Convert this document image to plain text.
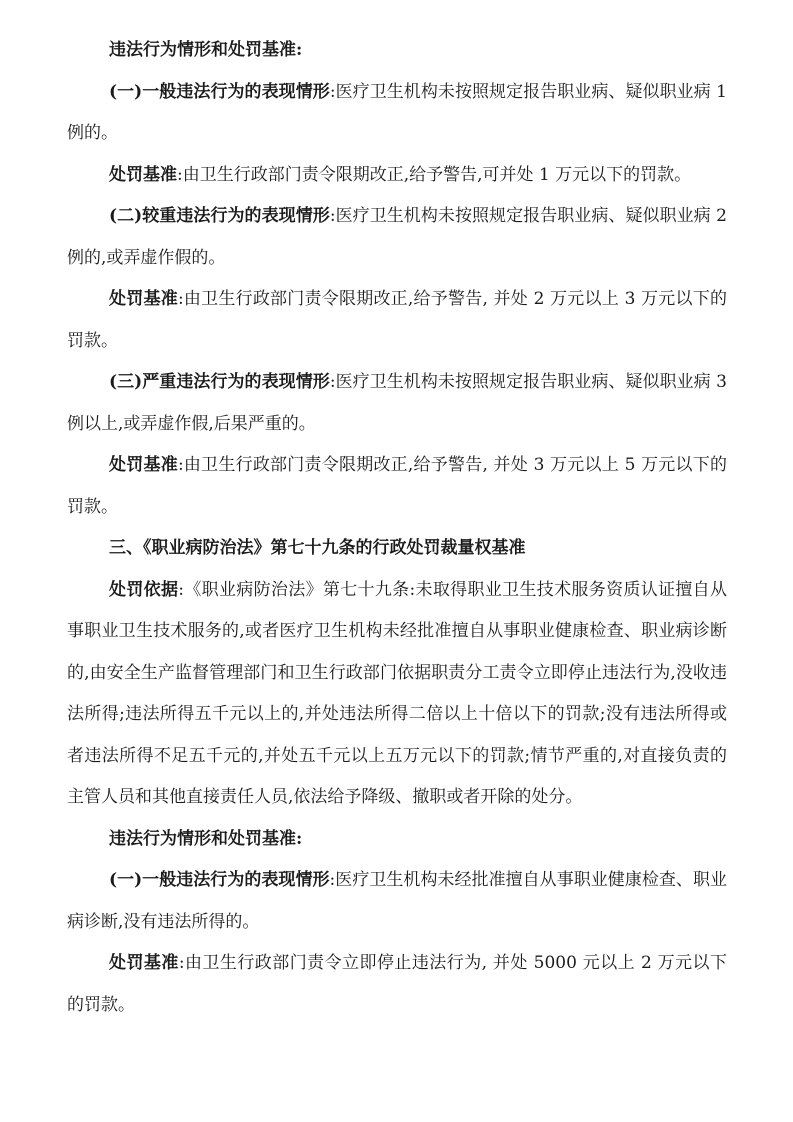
违法行为情形和处罚基准:

(一)一般违法行为的表现情形:医疗卫生机构未按照规定报告职业病、疑似职业病 1 例的。

处罚基准:由卫生行政部门责令限期改正,给予警告,可并处 1 万元以下的罚款。

(二)较重违法行为的表现情形:医疗卫生机构未按照规定报告职业病、疑似职业病 2 例的,或弄虚作假的。

处罚基准:由卫生行政部门责令限期改正,给予警告, 并处 2 万元以上 3 万元以下的罚款。

(三)严重违法行为的表现情形:医疗卫生机构未按照规定报告职业病、疑似职业病 3 例以上,或弄虚作假,后果严重的。

处罚基准:由卫生行政部门责令限期改正,给予警告, 并处 3 万元以上 5 万元以下的罚款。

三、《职业病防治法》第七十九条的行政处罚裁量权基准

处罚依据:《职业病防治法》第七十九条:未取得职业卫生技术服务资质认证擅自从事职业卫生技术服务的,或者医疗卫生机构未经批准擅自从事职业健康检查、职业病诊断的,由安全生产监督管理部门和卫生行政部门依据职责分工责令立即停止违法行为,没收违法所得;违法所得五千元以上的,并处违法所得二倍以上十倍以下的罚款;没有违法所得或者违法所得不足五千元的,并处五千元以上五万元以下的罚款;情节严重的,对直接负责的主管人员和其他直接责任人员,依法给予降级、撤职或者开除的处分。

违法行为情形和处罚基准:

(一)一般违法行为的表现情形:医疗卫生机构未经批准擅自从事职业健康检查、职业病诊断,没有违法所得的。

处罚基准:由卫生行政部门责令立即停止违法行为, 并处 5000 元以上 2 万元以下的罚款。
